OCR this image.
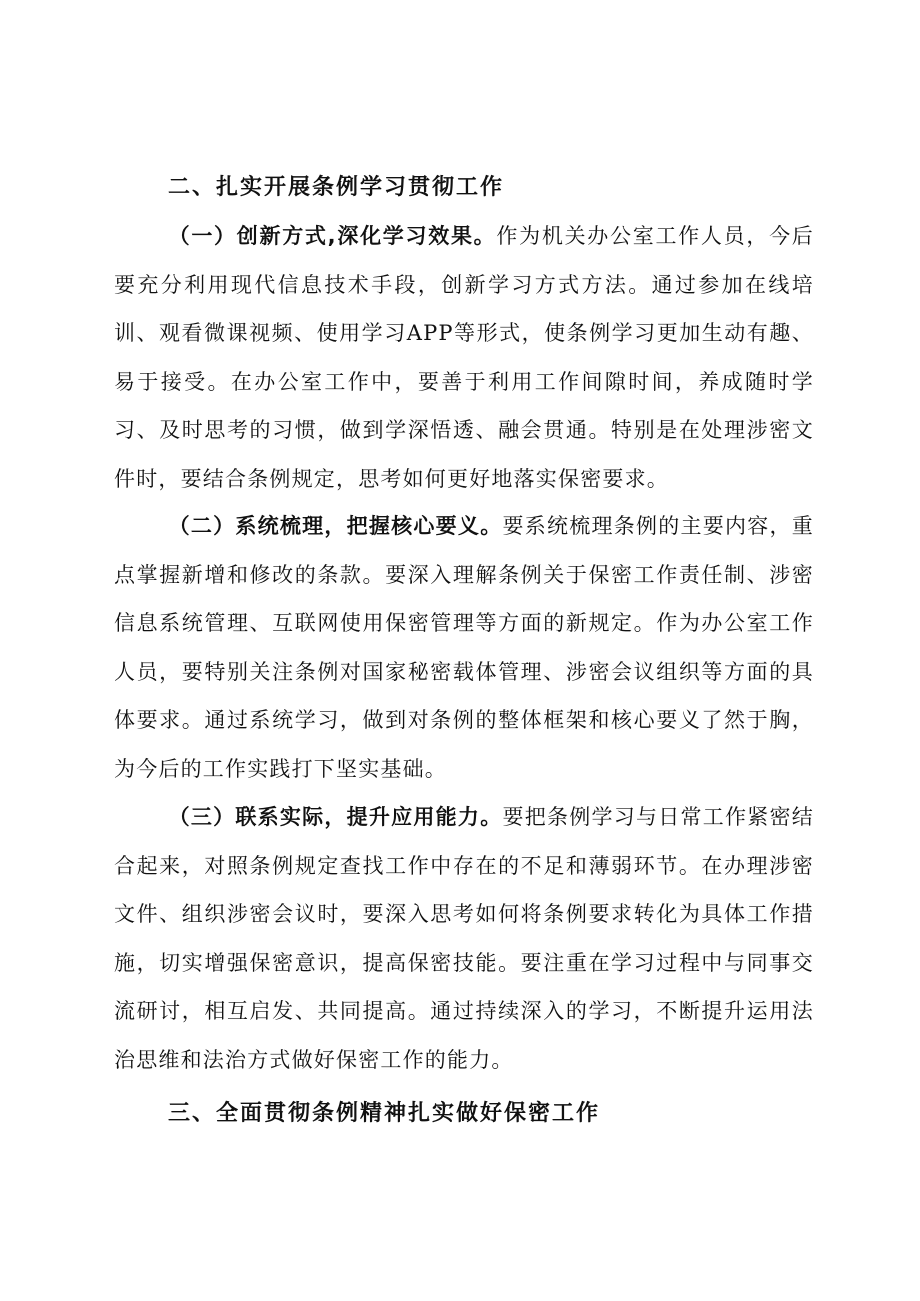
二、扎实开展条例学习贯彻工作

（一）创新方式,深化学习效果。作为机关办公室工作人员，今后要充分利用现代信息技术手段，创新学习方式方法。通过参加在线培训、观看微课视频、使用学习APP等形式，使条例学习更加生动有趣、易于接受。在办公室工作中，要善于利用工作间隙时间，养成随时学习、及时思考的习惯，做到学深悟透、融会贯通。特别是在处理涉密文件时，要结合条例规定，思考如何更好地落实保密要求。

（二）系统梳理，把握核心要义。要系统梳理条例的主要内容，重点掌握新增和修改的条款。要深入理解条例关于保密工作责任制、涉密信息系统管理、互联网使用保密管理等方面的新规定。作为办公室工作人员，要特别关注条例对国家秘密载体管理、涉密会议组织等方面的具体要求。通过系统学习，做到对条例的整体框架和核心要义了然于胸，为今后的工作实践打下坚实基础。

（三）联系实际，提升应用能力。要把条例学习与日常工作紧密结合起来，对照条例规定查找工作中存在的不足和薄弱环节。在办理涉密文件、组织涉密会议时，要深入思考如何将条例要求转化为具体工作措施，切实增强保密意识，提高保密技能。要注重在学习过程中与同事交流研讨，相互启发、共同提高。通过持续深入的学习，不断提升运用法治思维和法治方式做好保密工作的能力。

三、全面贯彻条例精神扎实做好保密工作
